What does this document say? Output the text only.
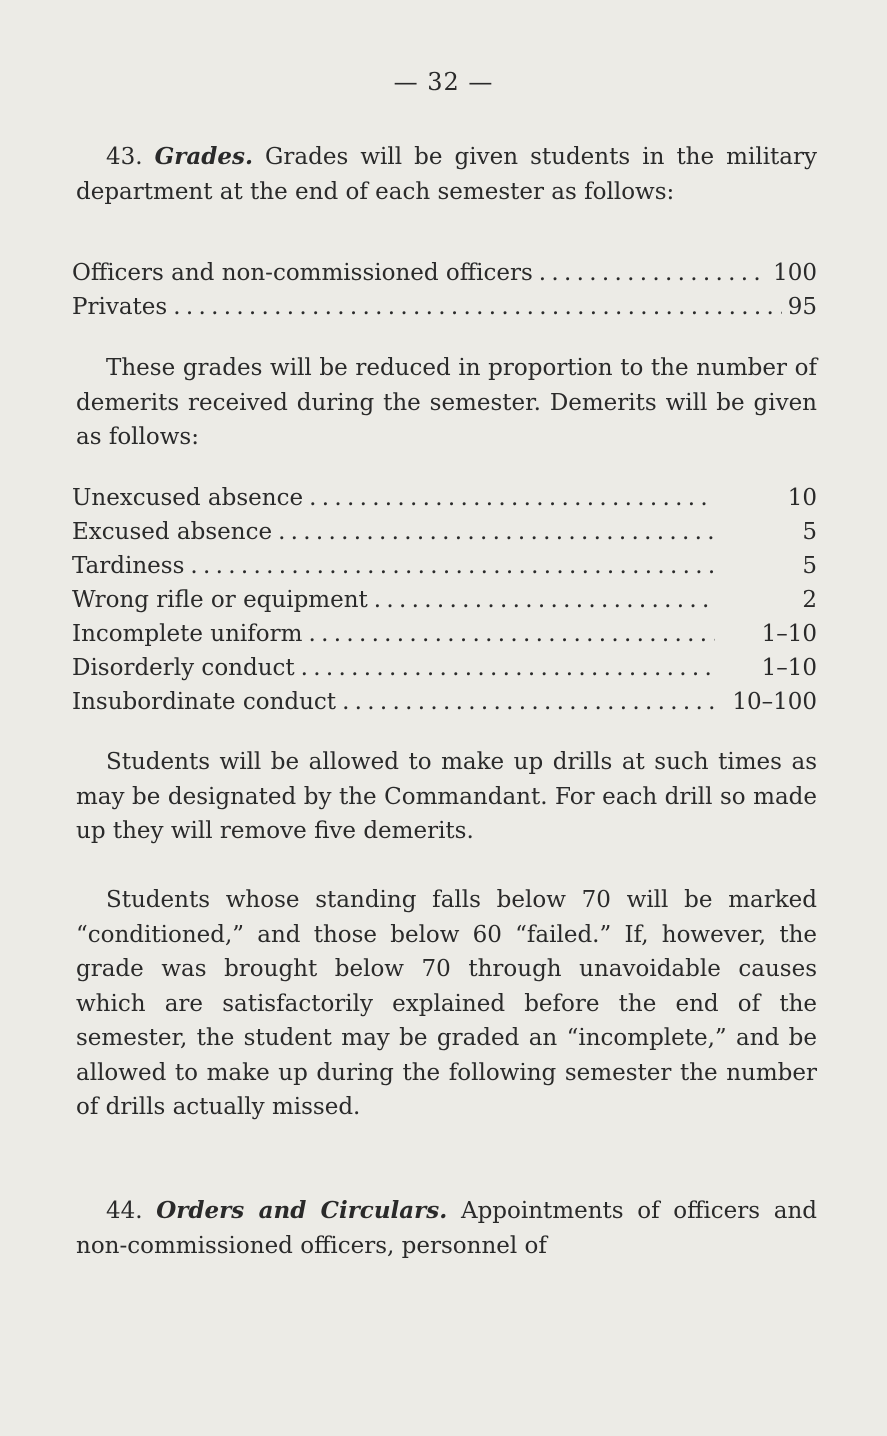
— 32 —

43. Grades. Grades will be given students in the military department at the end of each semester as follows:

Officers and non-commissioned officers . . .	100
Privates . . .	95

These grades will be reduced in proportion to the number of demerits received during the semester. Demerits will be given as follows:

Unexcused absence . . .	10
Excused absence . . .	5
Tardiness . . .	5
Wrong rifle or equipment . . .	2
Incomplete uniform . . .	1–10
Disorderly conduct . . .	1–10
Insubordinate conduct . . .	10–100

Students will be allowed to make up drills at such times as may be designated by the Commandant. For each drill so made up they will remove five demerits.

Students whose standing falls below 70 will be marked “conditioned,” and those below 60 “failed.” If, however, the grade was brought below 70 through unavoidable causes which are satisfactorily explained before the end of the semester, the student may be graded an “incomplete,” and be allowed to make up during the following semester the number of drills actually missed.

44. Orders and Circulars. Appointments of officers and non-commissioned officers, personnel of
